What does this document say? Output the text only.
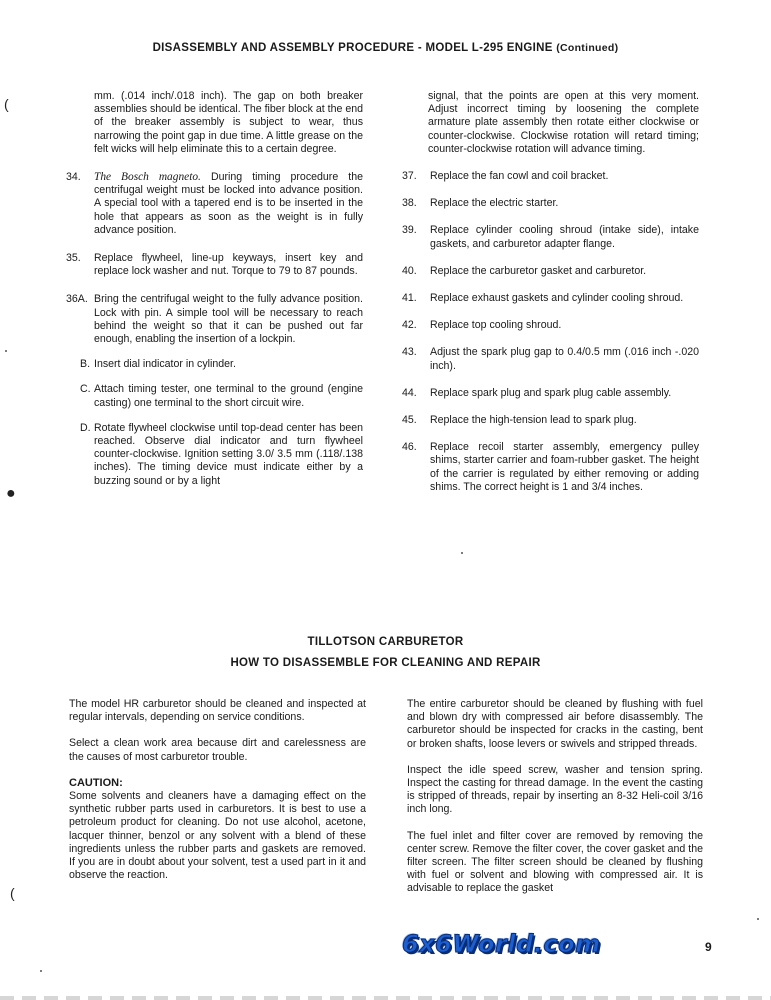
DISASSEMBLY AND ASSEMBLY PROCEDURE - MODEL L-295 ENGINE (Continued)
mm. (.014 inch/.018 inch). The gap on both breaker assemblies should be identical. The fiber block at the end of the breaker assembly is subject to wear, thus narrowing the point gap in due time. A little grease on the felt wicks will help eliminate this to a certain degree.
34. The Bosch magneto. During timing procedure the centrifugal weight must be locked into advance position. A special tool with a tapered end is to be inserted in the hole that appears as soon as the weight is in fully advance position.
35. Replace flywheel, line-up keyways, insert key and replace lock washer and nut. Torque to 79 to 87 pounds.
36A. Bring the centrifugal weight to the fully advance position. Lock with pin. A simple tool will be necessary to reach behind the weight so that it can be pushed out far enough, enabling the insertion of a lockpin.
B. Insert dial indicator in cylinder.
C. Attach timing tester, one terminal to the ground (engine casting) one terminal to the short circuit wire.
D. Rotate flywheel clockwise until top-dead center has been reached. Observe dial indicator and turn flywheel counter-clockwise. Ignition setting 3.0/ 3.5 mm (.118/.138 inches). The timing device must indicate either by a buzzing sound or by a light
signal, that the points are open at this very moment. Adjust incorrect timing by loosening the complete armature plate assembly then rotate either clockwise or counter-clockwise. Clockwise rotation will retard timing; counter-clockwise rotation will advance timing.
37. Replace the fan cowl and coil bracket.
38. Replace the electric starter.
39. Replace cylinder cooling shroud (intake side), intake gaskets, and carburetor adapter flange.
40. Replace the carburetor gasket and carburetor.
41. Replace exhaust gaskets and cylinder cooling shroud.
42. Replace top cooling shroud.
43. Adjust the spark plug gap to 0.4/0.5 mm (.016 inch -.020 inch).
44. Replace spark plug and spark plug cable assembly.
45. Replace the high-tension lead to spark plug.
46. Replace recoil starter assembly, emergency pulley shims, starter carrier and foam-rubber gasket. The height of the carrier is regulated by either removing or adding shims. The correct height is 1 and 3/4 inches.
TILLOTSON CARBURETOR
HOW TO DISASSEMBLE FOR CLEANING AND REPAIR
The model HR carburetor should be cleaned and inspected at regular intervals, depending on service conditions.
Select a clean work area because dirt and carelessness are the causes of most carburetor trouble.
CAUTION:
Some solvents and cleaners have a damaging effect on the synthetic rubber parts used in carburetors. It is best to use a petroleum product for cleaning. Do not use alcohol, acetone, lacquer thinner, benzol or any solvent with a blend of these ingredients unless the rubber parts and gaskets are removed. If you are in doubt about your solvent, test a used part in it and observe the reaction.
The entire carburetor should be cleaned by flushing with fuel and blown dry with compressed air before disassembly. The carburetor should be inspected for cracks in the casting, bent or broken shafts, loose levers or swivels and stripped threads.
Inspect the idle speed screw, washer and tension spring. Inspect the casting for thread damage. In the event the casting is stripped of threads, repair by inserting an 8-32 Heli-coil 3/16 inch long.
The fuel inlet and filter cover are removed by removing the center screw. Remove the filter cover, the cover gasket and the filter screen. The filter screen should be cleaned by flushing with fuel or solvent and blowing with compressed air. It is advisable to replace the gasket
6x6World.com	9
(
●
(
